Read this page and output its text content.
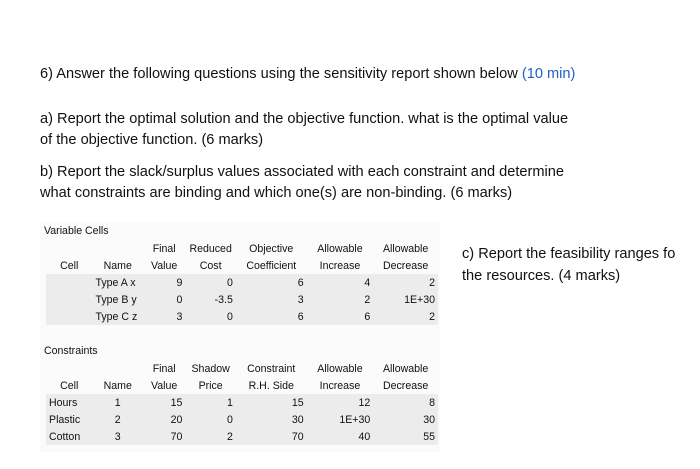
6) Answer the following questions using the sensitivity report shown below (10 min)

a) Report the optimal solution and the objective function. what is the optimal value

of the objective function. (6 marks)

b) Report the slack/surplus values associated with each constraint and determine

what constraints are binding and which one(s) are non-binding. (6 marks)

Variable Cells
		Final	Reduced	Objective	Allowable	Allowable
Cell	Name	Value	Cost	Coefficient	Increase	Decrease
	Type A x	9	0	6	4	2
	Type B y	0	-3.5	3	2	1E+30
	Type C z	3	0	6	6	2
Constraints
		Final	Shadow	Constraint	Allowable	Allowable
Cell	Name	Value	Price	R.H. Side	Increase	Decrease
Hours	1	15	1	15	12	8
Plastic	2	20	0	30	1E+30	30
Cotton	3	70	2	70	40	55
c) Report the feasibility ranges fo
the resources. (4 marks)
